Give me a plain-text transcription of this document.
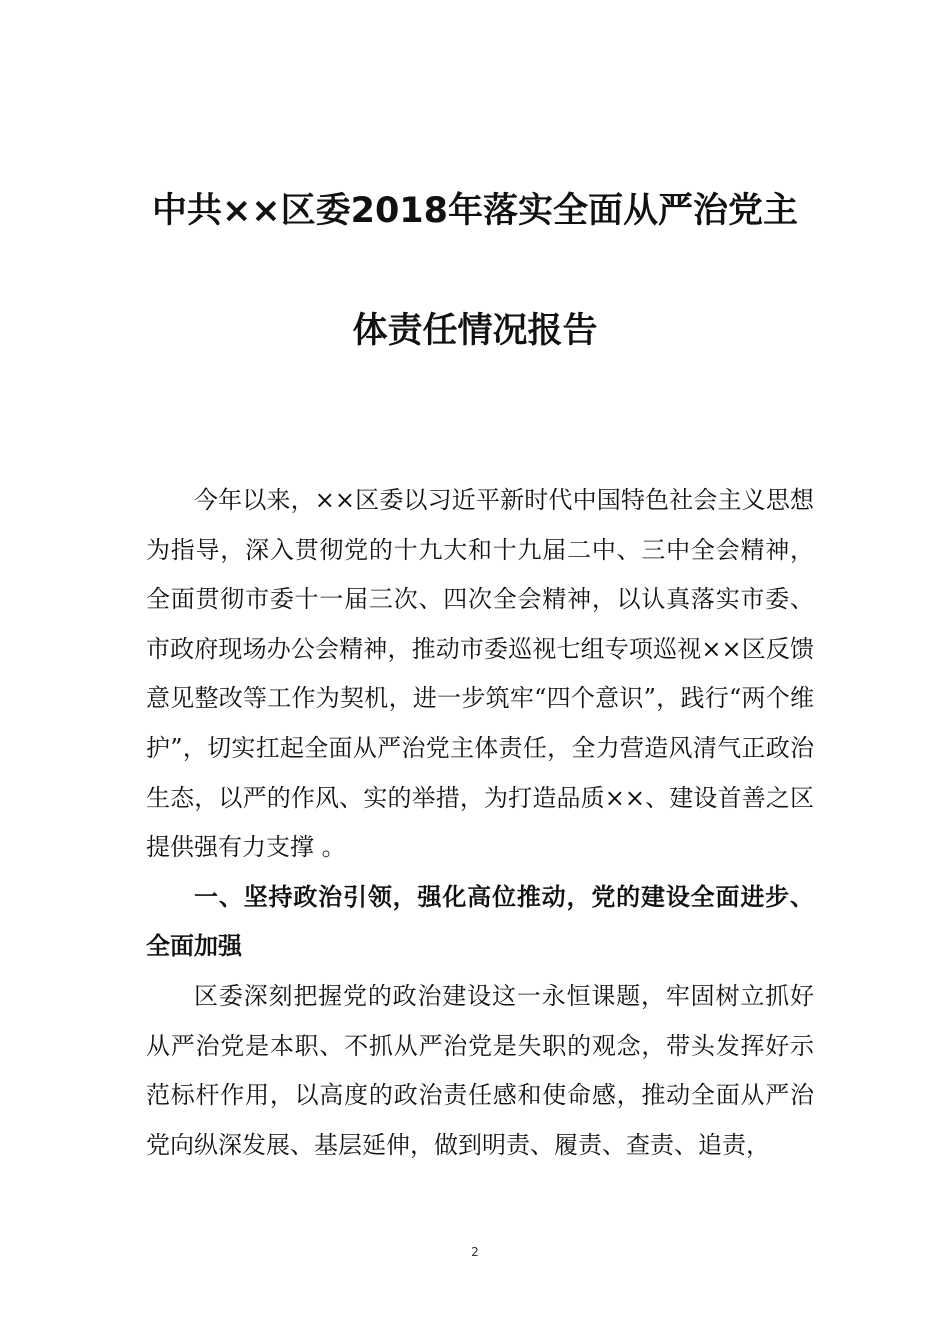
中共××区委2018年落实全面从严治党主
体责任情况报告

今年以来，××区委以习近平新时代中国特色社会主义思想为指导，深入贯彻党的十九大和十九届二中、三中全会精神，全面贯彻市委十一届三次、四次全会精神，以认真落实市委、市政府现场办公会精神，推动市委巡视七组专项巡视××区反馈意见整改等工作为契机，进一步筑牢“四个意识”，践行“两个维护”，切实扛起全面从严治党主体责任，全力营造风清气正政治生态，以严的作风、实的举措，为打造品质××、建设首善之区提供强有力支撑 。

一、坚持政治引领，强化高位推动，党的建设全面进步、全面加强

区委深刻把握党的政治建设这一永恒课题，牢固树立抓好从严治党是本职、不抓从严治党是失职的观念，带头发挥好示范标杆作用，以高度的政治责任感和使命感，推动全面从严治党向纵深发展、基层延伸，做到明责、履责、查责、追责，

2
